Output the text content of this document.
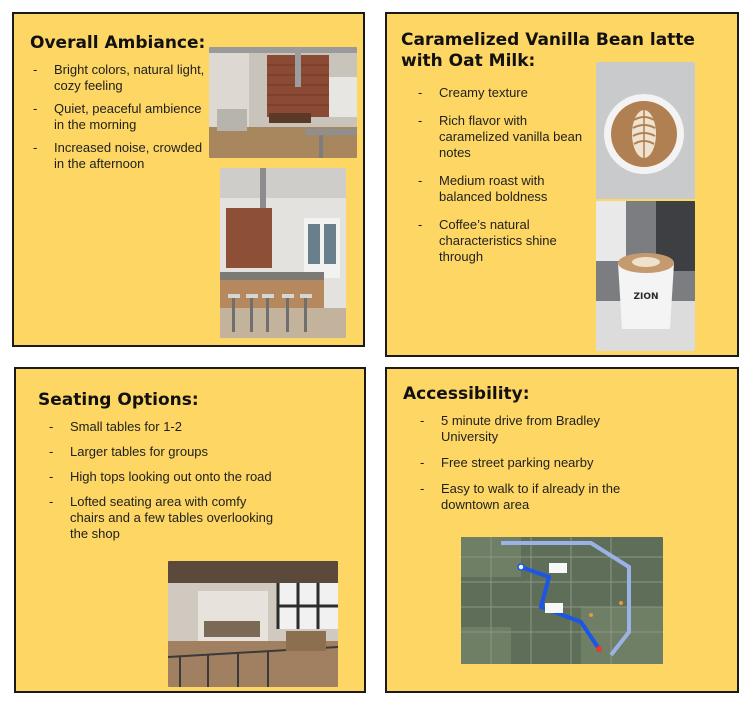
Overall Ambiance:
- Bright colors, natural light, cozy feeling
- Quiet, peaceful ambience in the morning
- Increased noise, crowded in the afternoon
Caramelized Vanilla Bean latte with Oat Milk:
- Creamy texture
- Rich flavor with caramelized vanilla bean notes
- Medium roast with balanced boldness
- Coffee’s natural characteristics shine through
ZION
Seating Options:
- Small tables for 1-2
- Larger tables for groups
- High tops looking out onto the road
- Lofted seating area with comfy chairs and a few tables overlooking the shop
Accessibility:
- 5 minute drive from Bradley University
- Free street parking nearby
- Easy to walk to if already in the downtown area
